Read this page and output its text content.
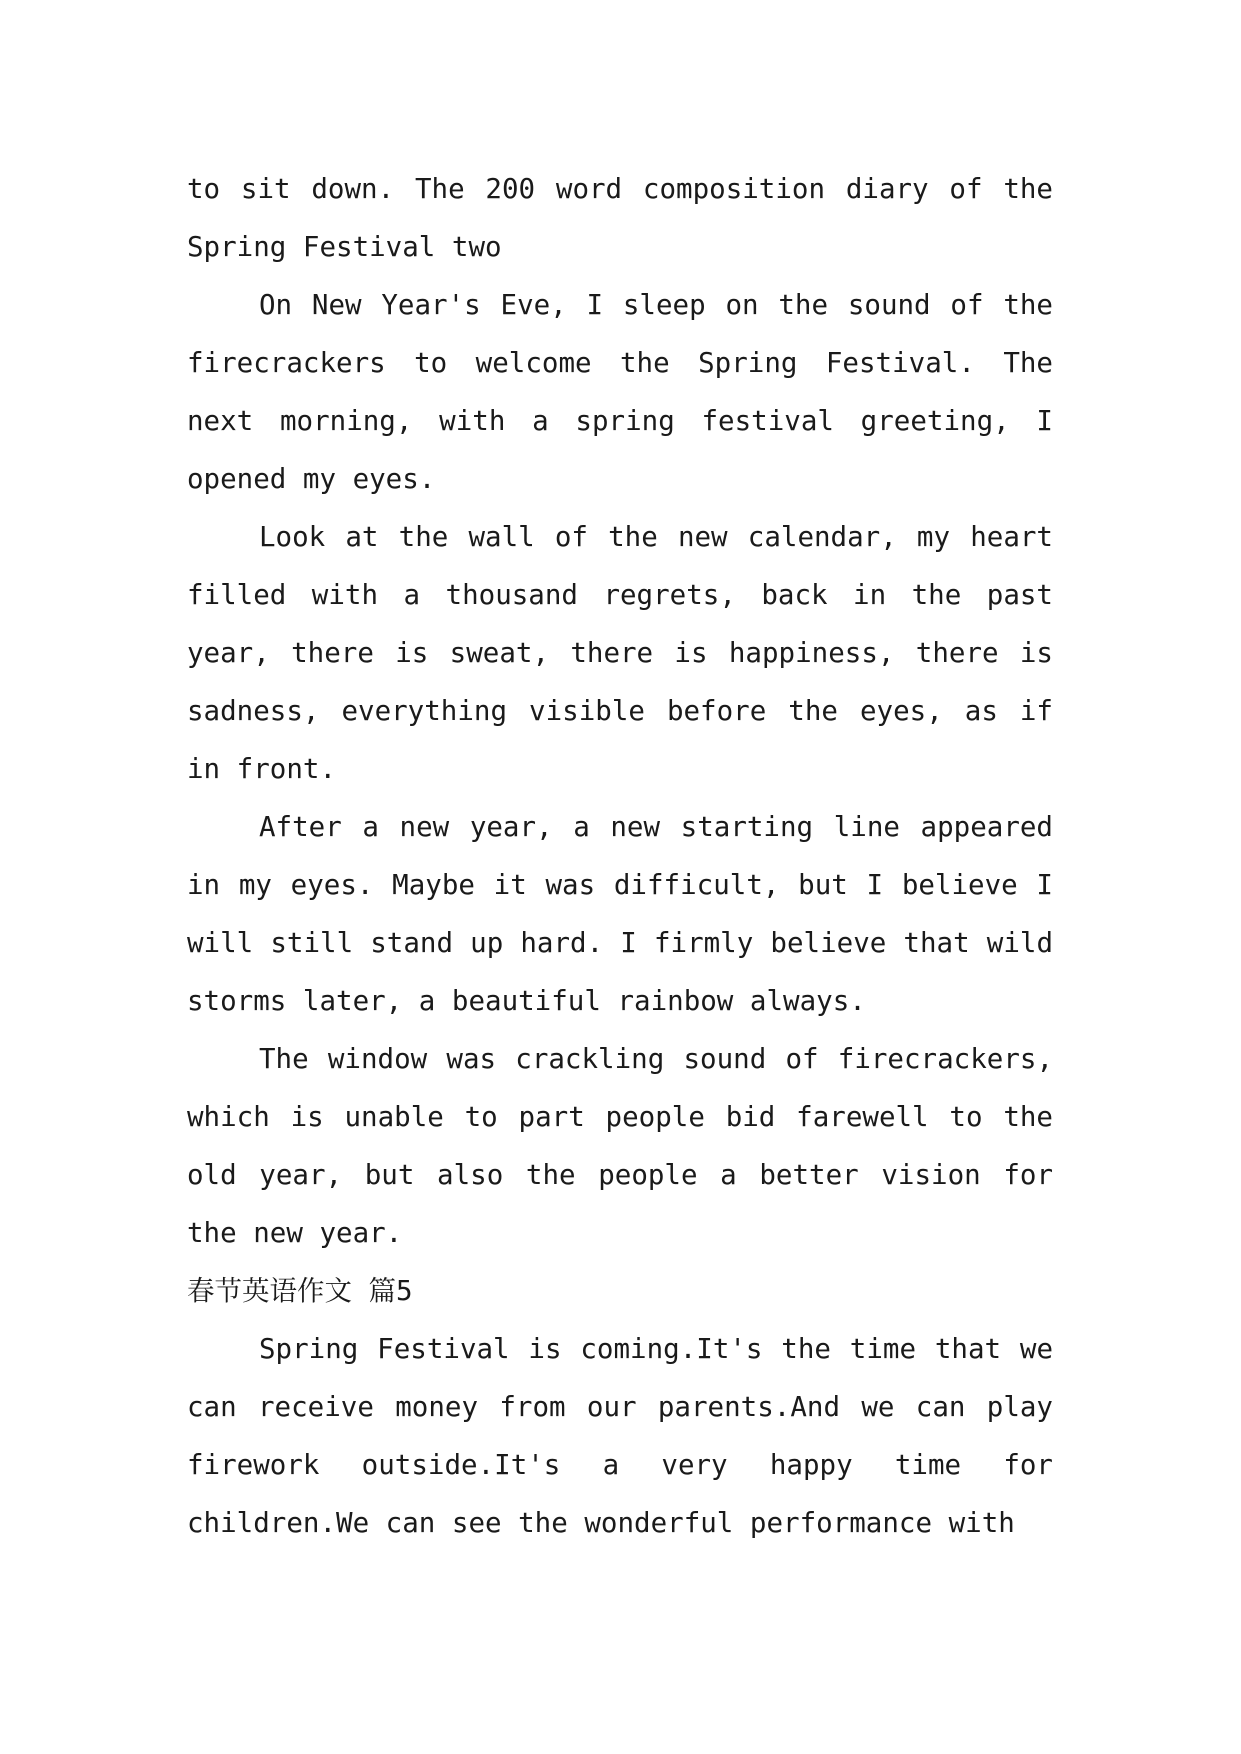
to sit down. The 200 word composition diary of the Spring Festival two

On New Year's Eve, I sleep on the sound of the firecrackers to welcome the Spring Festival. The next morning, with a spring festival greeting, I opened my eyes.

Look at the wall of the new calendar, my heart filled with a thousand regrets, back in the past year, there is sweat, there is happiness, there is sadness, everything visible before the eyes, as if in front.

After a new year, a new starting line appeared in my eyes. Maybe it was difficult, but I believe I will still stand up hard. I firmly believe that wild storms later, a beautiful rainbow always.

The window was crackling sound of firecrackers, which is unable to part people bid farewell to the old year, but also the people a better vision for the new year.

春节英语作文 篇5

Spring Festival is coming.It's the time that we can receive money from our parents.And we can play firework outside.It's a very happy time for children.We can see the wonderful performance with
